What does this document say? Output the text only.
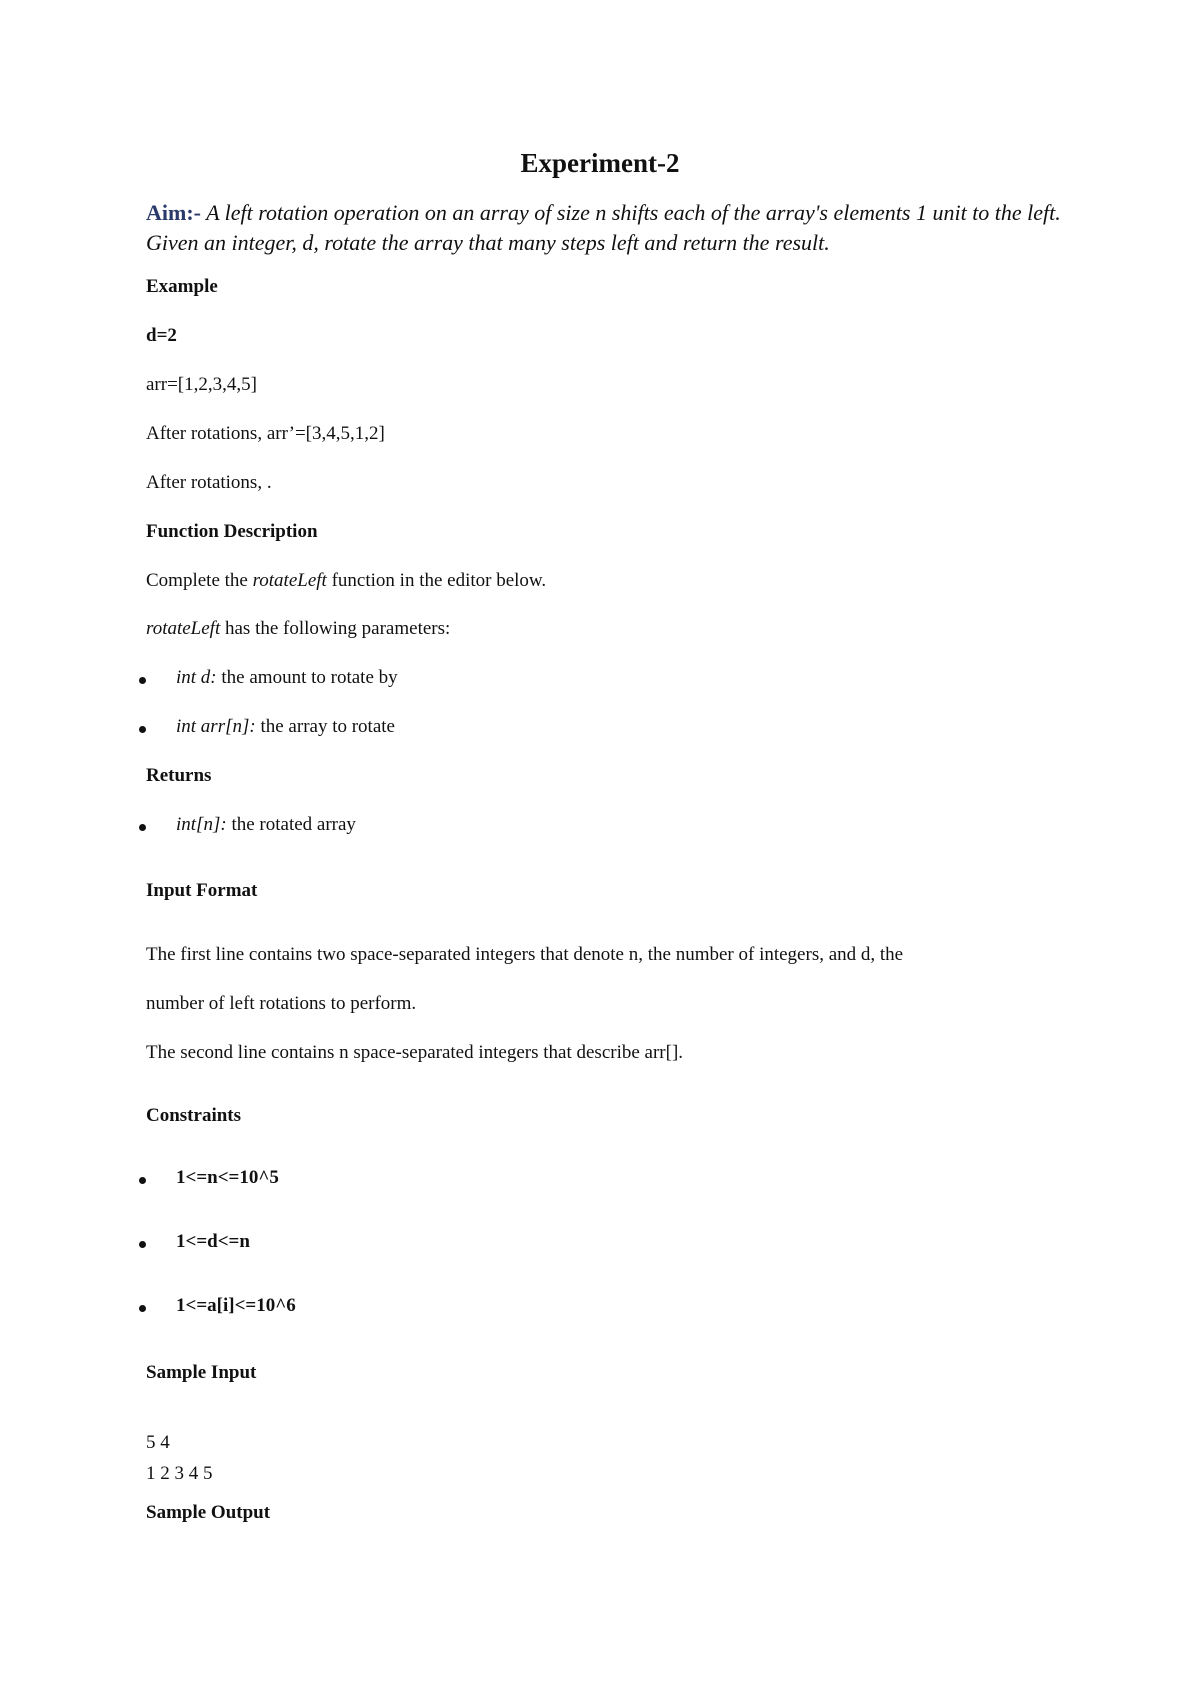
Experiment-2
Aim:- A left rotation operation on an array of size n shifts each of the array's elements 1 unit to the left. Given an integer, d, rotate the array that many steps left and return the result.
Example
d=2
arr=[1,2,3,4,5]
After rotations, arr’=[3,4,5,1,2]
After rotations, .
Function Description
Complete the rotateLeft function in the editor below.
rotateLeft has the following parameters:
int d: the amount to rotate by
int arr[n]: the array to rotate
Returns
int[n]: the rotated array
Input Format
The first line contains two space-separated integers that denote n, the number of integers, and d, the
number of left rotations to perform.
The second line contains n space-separated integers that describe arr[].
Constraints
1<=n<=10^5
1<=d<=n
1<=a[i]<=10^6
Sample Input
5 4
1 2 3 4 5
Sample Output
